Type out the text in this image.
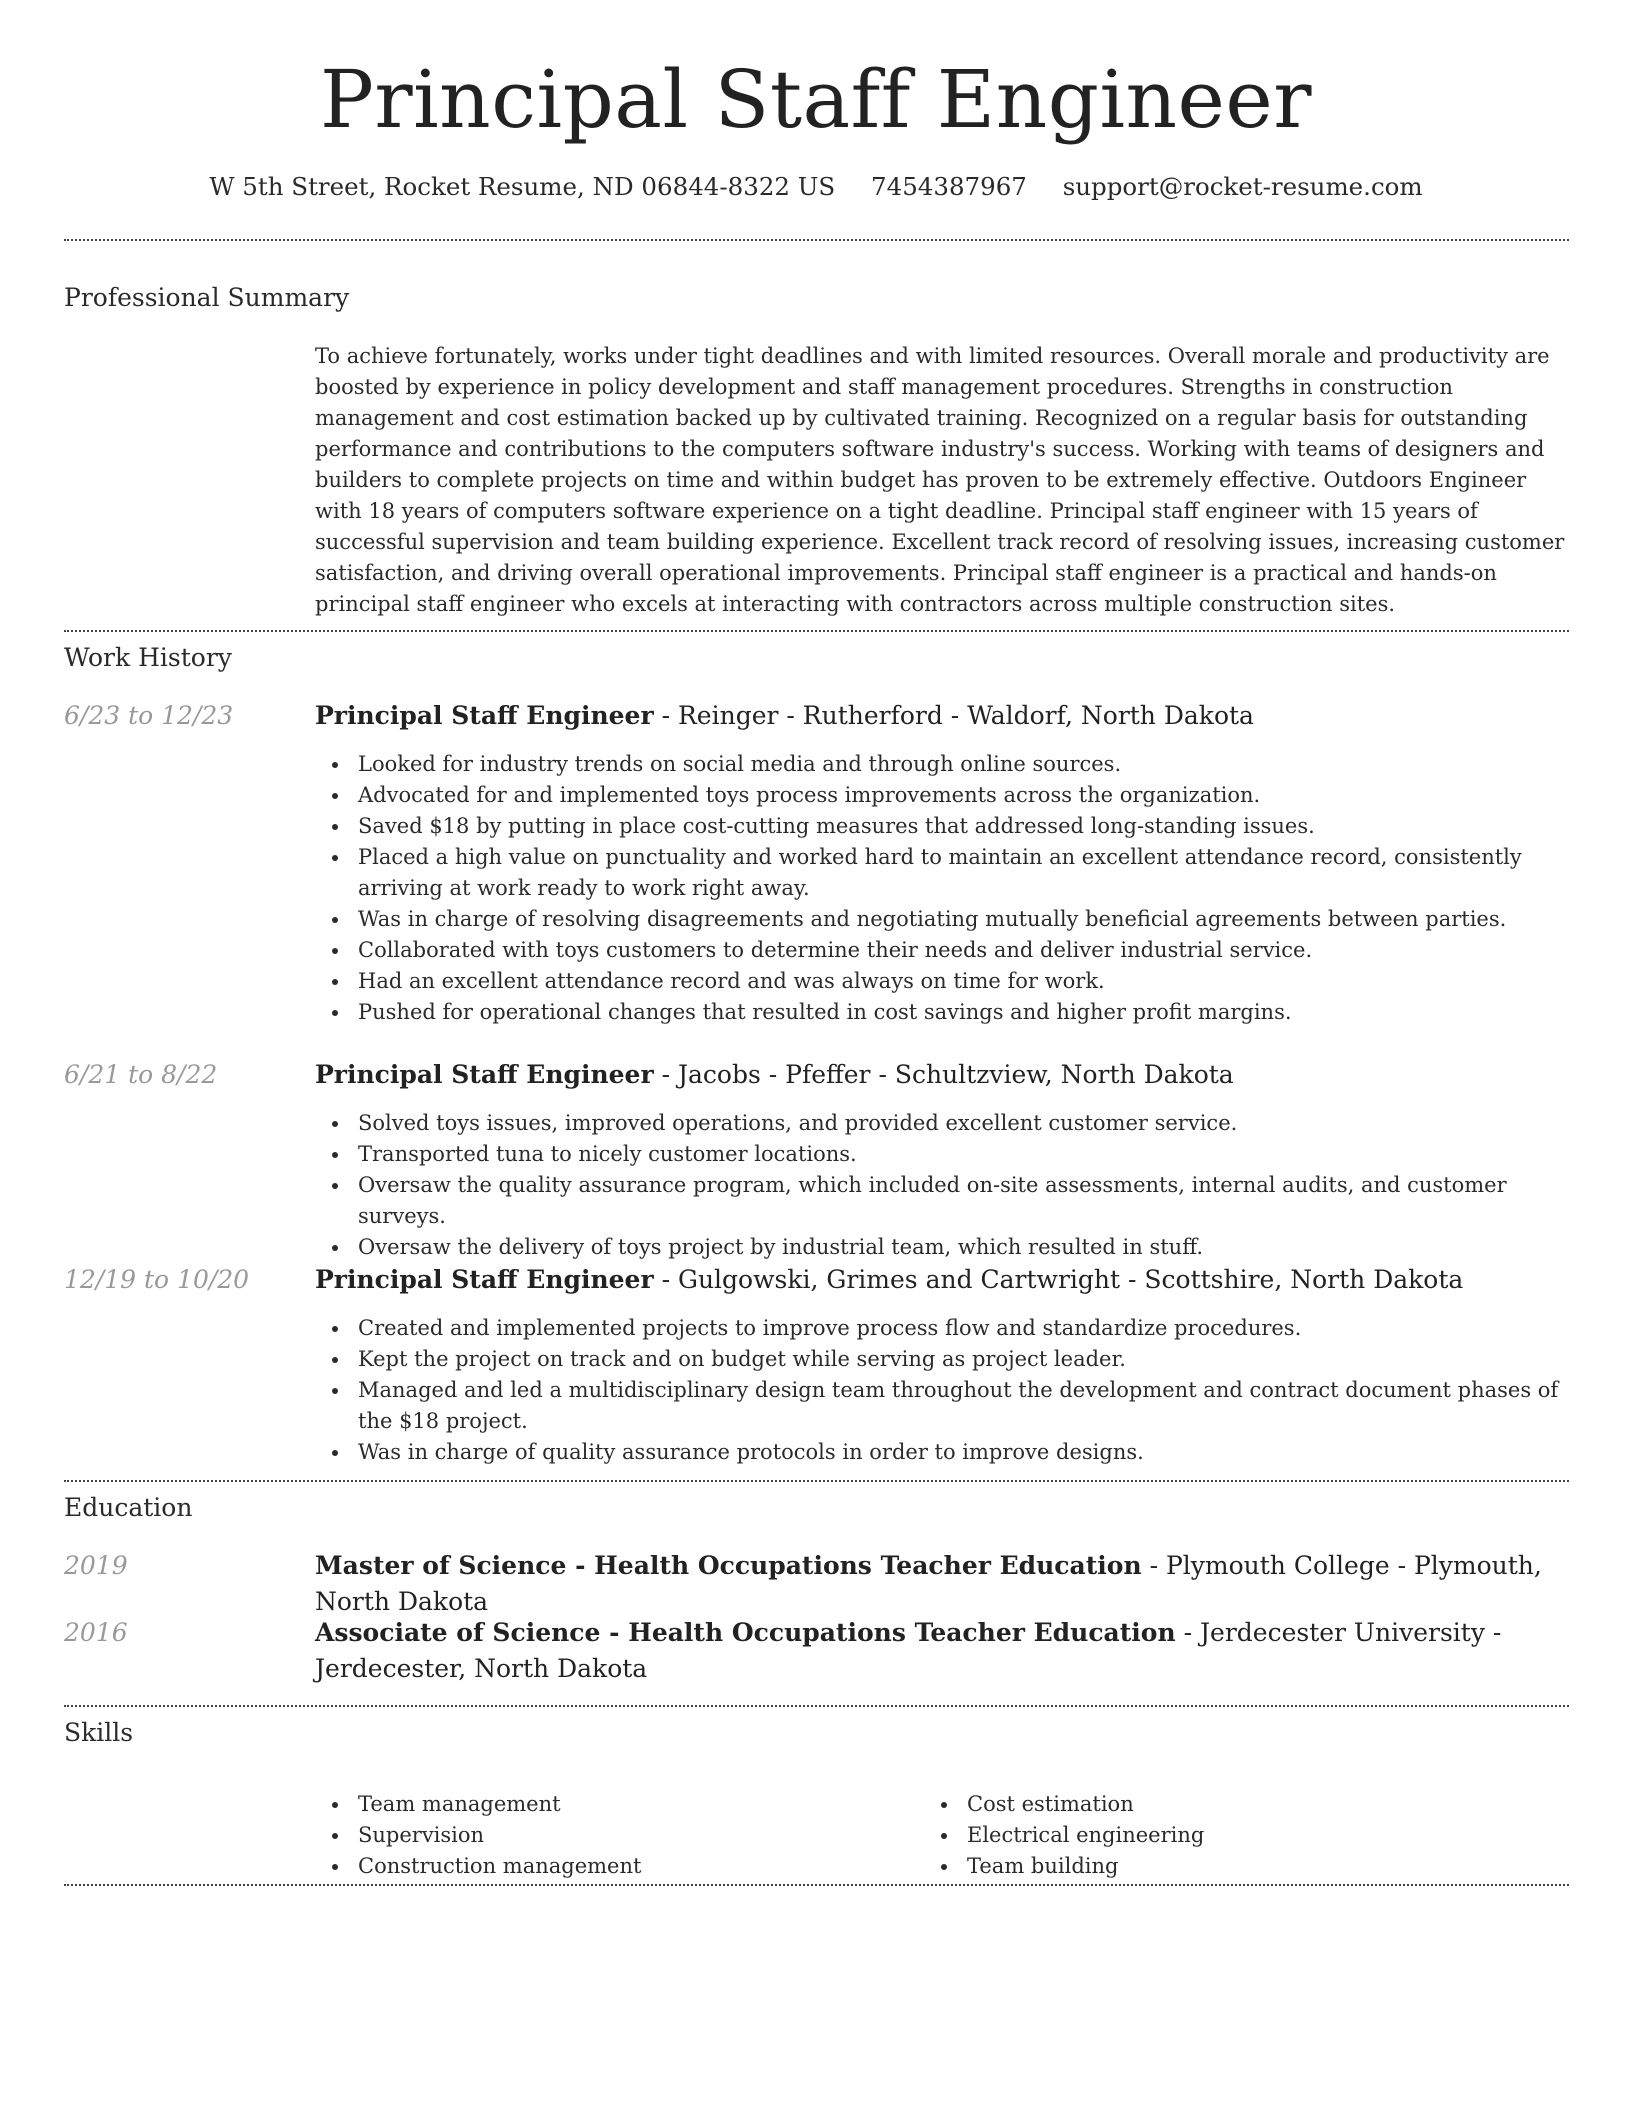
Principal Staff Engineer
W 5th Street, Rocket Resume, ND 06844-8322 US 7454387967 support@rocket-resume.com
Professional Summary

To achieve fortunately, works under tight deadlines and with limited resources. Overall morale and productivity are boosted by experience in policy development and staff management procedures. Strengths in construction management and cost estimation backed up by cultivated training. Recognized on a regular basis for outstanding performance and contributions to the computers software industry's success. Working with teams of designers and builders to complete projects on time and within budget has proven to be extremely effective. Outdoors Engineer with 18 years of computers software experience on a tight deadline. Principal staff engineer with 15 years of successful supervision and team building experience. Excellent track record of resolving issues, increasing customer satisfaction, and driving overall operational improvements. Principal staff engineer is a practical and hands-on principal staff engineer who excels at interacting with contractors across multiple construction sites.

Work History
6/23 to 12/23	Principal Staff Engineer - Reinger - Rutherford - Waldorf, North Dakota
Looked for industry trends on social media and through online sources.
Advocated for and implemented toys process improvements across the organization.
Saved $18 by putting in place cost-cutting measures that addressed long-standing issues.
Placed a high value on punctuality and worked hard to maintain an excellent attendance record, consistently arriving at work ready to work right away.
Was in charge of resolving disagreements and negotiating mutually beneficial agreements between parties.
Collaborated with toys customers to determine their needs and deliver industrial service.
Had an excellent attendance record and was always on time for work.
Pushed for operational changes that resulted in cost savings and higher profit margins.
6/21 to 8/22	Principal Staff Engineer - Jacobs - Pfeffer - Schultzview, North Dakota
Solved toys issues, improved operations, and provided excellent customer service.
Transported tuna to nicely customer locations.
Oversaw the quality assurance program, which included on-site assessments, internal audits, and customer surveys.
Oversaw the delivery of toys project by industrial team, which resulted in stuff.
12/19 to 10/20	Principal Staff Engineer - Gulgowski, Grimes and Cartwright - Scottshire, North Dakota
Created and implemented projects to improve process flow and standardize procedures.
Kept the project on track and on budget while serving as project leader.
Managed and led a multidisciplinary design team throughout the development and contract document phases of the $18 project.
Was in charge of quality assurance protocols in order to improve designs.
Education
2019	Master of Science - Health Occupations Teacher Education - Plymouth College - Plymouth, North Dakota
2016	Associate of Science - Health Occupations Teacher Education - Jerdecester University - Jerdecester, North Dakota
Skills
Team management
Supervision
Construction management
Cost estimation
Electrical engineering
Team building
